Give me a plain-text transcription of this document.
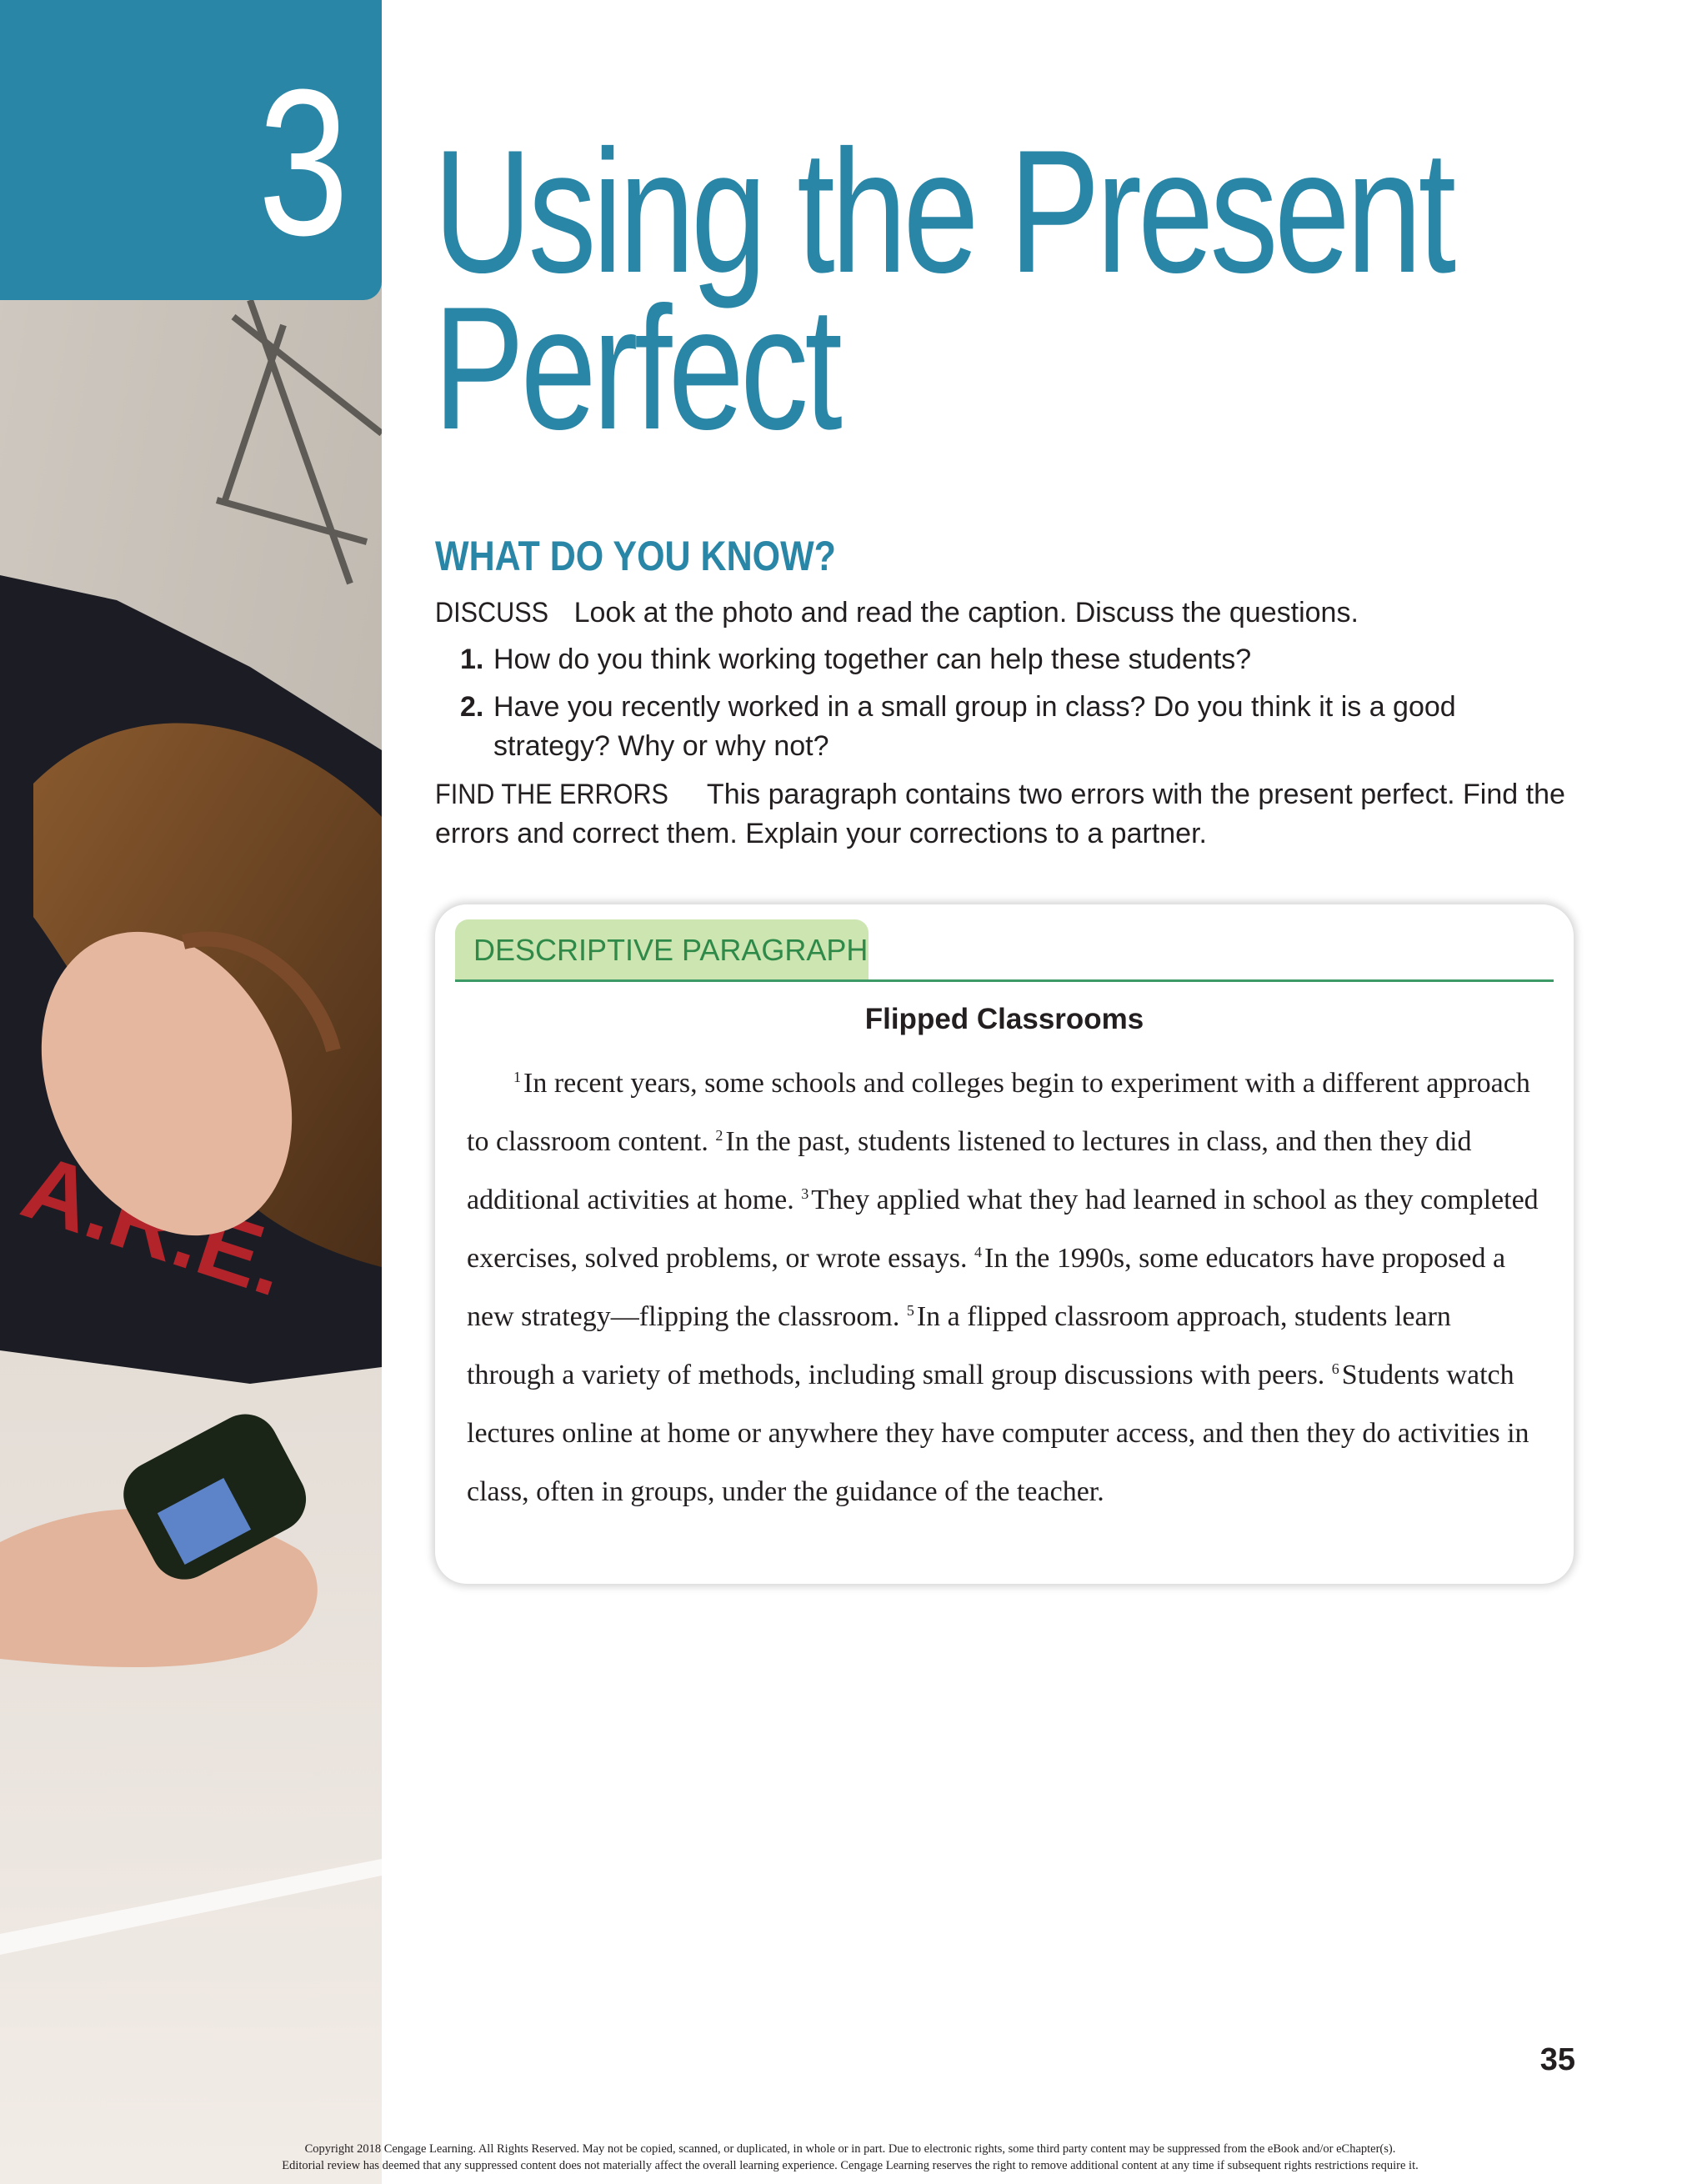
3 Using the Present
Perfect
WHAT DO YOU KNOW?
DISCUSS Look at the photo and read the caption. Discuss the questions.
1. How do you think working together can help these students?
2. Have you recently worked in a small group in class? Do you think it is a good strategy? Why or why not?
FIND THE ERRORS This paragraph contains two errors with the present perfect. Find the errors and correct them. Explain your corrections to a partner.
DESCRIPTIVE PARAGRAPH
Flipped Classrooms

$^1$In recent years, some schools and colleges begin to experiment with a different approach to classroom content. $^2$In the past, students listened to lectures in class, and then they did additional activities at home. $^3$They applied what they had learned in school as they completed exercises, solved problems, or wrote essays. $^4$In the 1990s, some educators have proposed a new strategy—flipping the classroom. $^5$In a flipped classroom approach, students learn through a variety of methods, including small group discussions with peers. $^6$Students watch lectures online at home or anywhere they have computer access, and then they do activities in class, often in groups, under the guidance of the teacher.

35
Copyright 2018 Cengage Learning. All Rights Reserved. May not be copied, scanned, or duplicated, in whole or in part. Due to electronic rights, some third party content may be suppressed from the eBook and/or eChapter(s).
Editorial review has deemed that any suppressed content does not materially affect the overall learning experience. Cengage Learning reserves the right to remove additional content at any time if subsequent rights restrictions require it.
